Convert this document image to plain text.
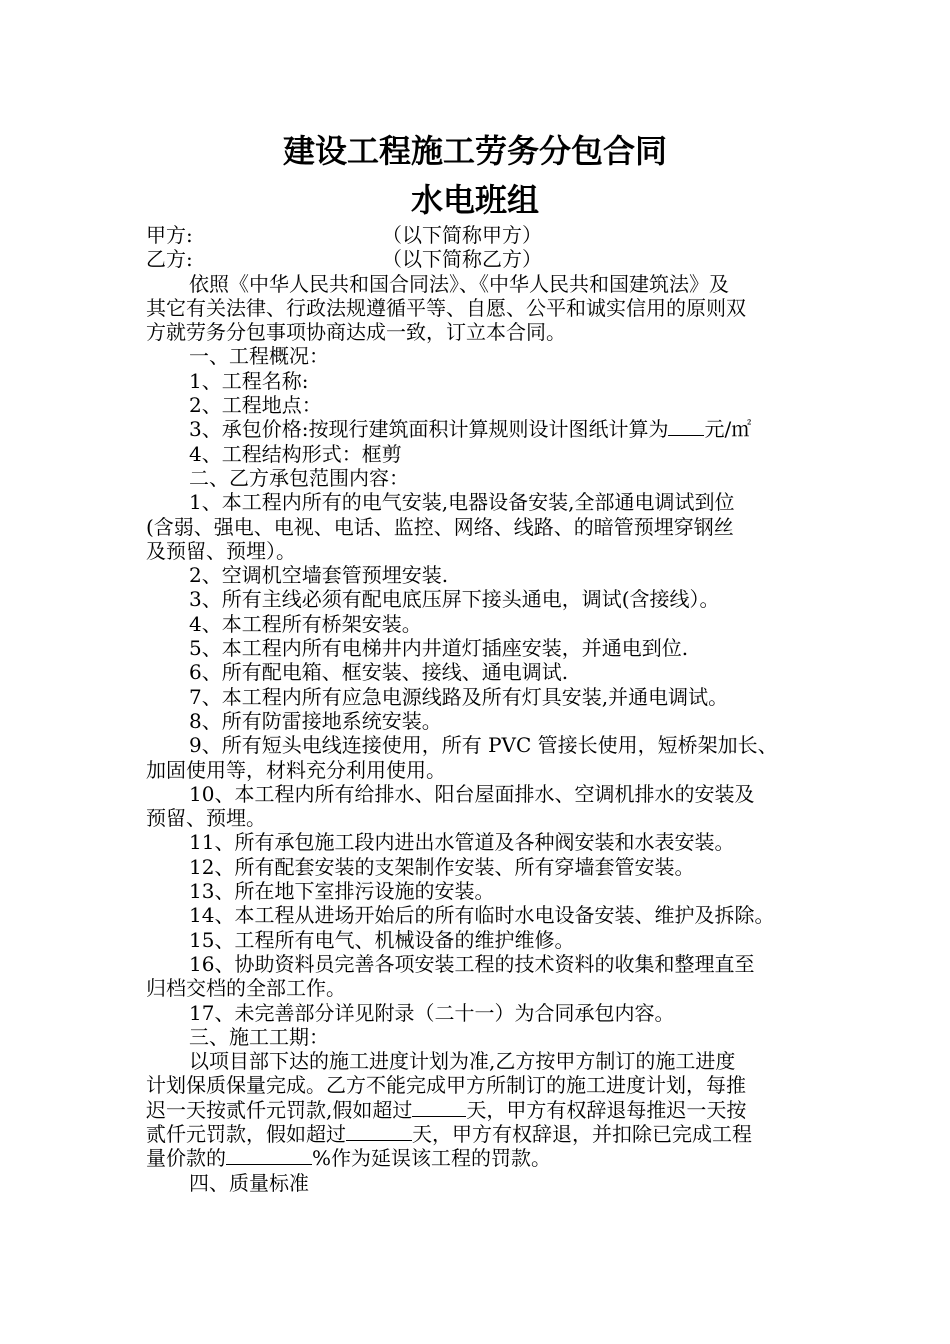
建设工程施工劳务分包合同
水电班组

甲方:	（以下简称甲方）

乙方:	（以下简称乙方）

依照《中华人民共和国合同法》、《中华人民共和国建筑法》及

其它有关法律、行政法规遵循平等、自愿、公平和诚实信用的原则双

方就劳务分包事项协商达成一致，订立本合同。

一、工程概况：

1、工程名称:

2、工程地点：

3、承包价格:按现行建筑面积计算规则设计图纸计算为 元/㎡

4、工程结构形式：框剪

二、乙方承包范围内容：

1、本工程内所有的电气安装,电器设备安装,全部通电调试到位

(含弱、强电、电视、电话、监控、网络、线路、的暗管预埋穿钢丝

及预留、预埋）。

2、空调机空墙套管预埋安装.

3、所有主线必须有配电底压屏下接头通电，调试(含接线）。

4、本工程所有桥架安装。

5、本工程内所有电梯井内井道灯插座安装，并通电到位.

6、所有配电箱、框安装、接线、通电调试.

7、本工程内所有应急电源线路及所有灯具安装,并通电调试。

8、所有防雷接地系统安装。

9、所有短头电线连接使用，所有 PVC 管接长使用，短桥架加长、

加固使用等，材料充分利用使用。

10、本工程内所有给排水、阳台屋面排水、空调机排水的安装及

预留、预埋。

11、所有承包施工段内进出水管道及各种阀安装和水表安装。

12、所有配套安装的支架制作安装、所有穿墙套管安装。

13、所在地下室排污设施的安装。

14、本工程从进场开始后的所有临时水电设备安装、维护及拆除。

15、工程所有电气、机械设备的维护维修。

16、协助资料员完善各项安装工程的技术资料的收集和整理直至

归档交档的全部工作。

17、未完善部分详见附录（二十一）为合同承包内容。

三、施工工期：

以项目部下达的施工进度计划为准,乙方按甲方制订的施工进度

计划保质保量完成。乙方不能完成甲方所制订的施工进度计划，每推

迟一天按贰仟元罚款,假如超过	天，甲方有权辞退每推迟一天按

贰仟元罚款，假如超过	天，甲方有权辞退，并扣除已完成工程

量价款的	%作为延误该工程的罚款。

四、质量标准
